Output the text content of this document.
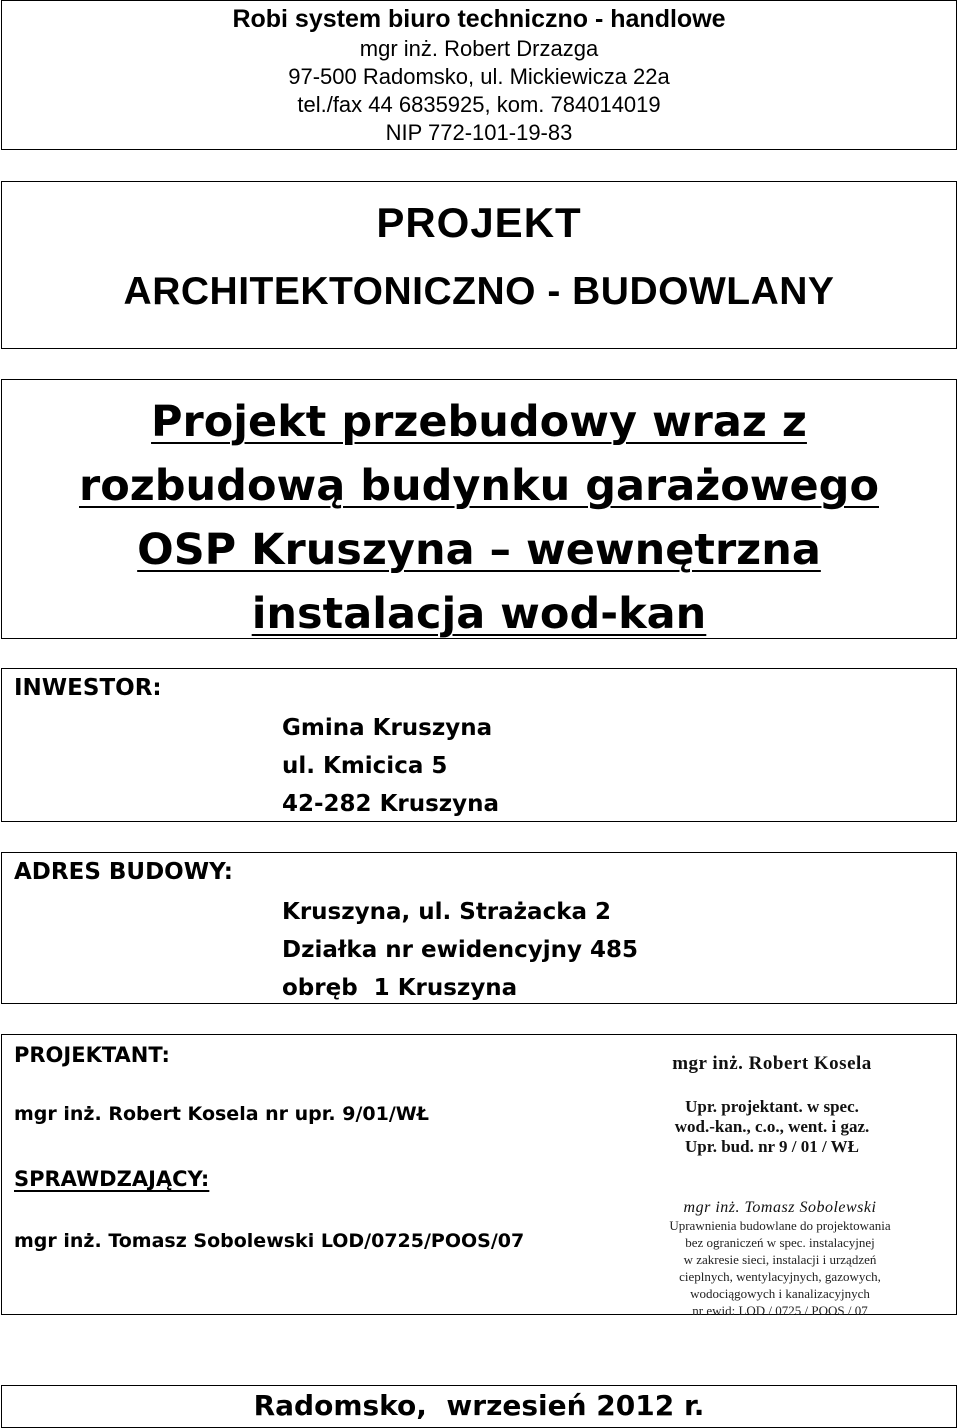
Robi system biuro techniczno - handlowe
mgr inż. Robert Drzazga
97-500 Radomsko, ul. Mickiewicza 22a
tel./fax 44 6835925, kom. 784014019
NIP 772-101-19-83
PROJEKT
ARCHITEKTONICZNO - BUDOWLANY
Projekt przebudowy wraz z
rozbudową budynku garażowego
OSP Kruszyna – wewnętrzna
instalacja wod-kan
INWESTOR:
Gmina Kruszyna
ul. Kmicica 5
42-282 Kruszyna
ADRES BUDOWY:
Kruszyna, ul. Strażacka 2
Działka nr ewidencyjny 485
obręb  1 Kruszyna
PROJEKTANT:
mgr inż. Robert Kosela nr upr. 9/01/WŁ
SPRAWDZAJĄCY:
mgr inż. Tomasz Sobolewski LOD/0725/POOS/07
mgr inż. Robert Kosela
Upr. projektant. w spec.
wod.-kan., c.o., went. i gaz.
Upr. bud. nr 9 / 01 / WŁ
mgr inż. Tomasz Sobolewski
Uprawnienia budowlane do projektowania
bez ograniczeń w spec. instalacyjnej
w zakresie sieci, instalacji i urządzeń
cieplnych, wentylacyjnych, gazowych,
wodociągowych i kanalizacyjnych
nr ewid: LOD / 0725 / POOS / 07
Radomsko,  wrzesień 2012 r.
